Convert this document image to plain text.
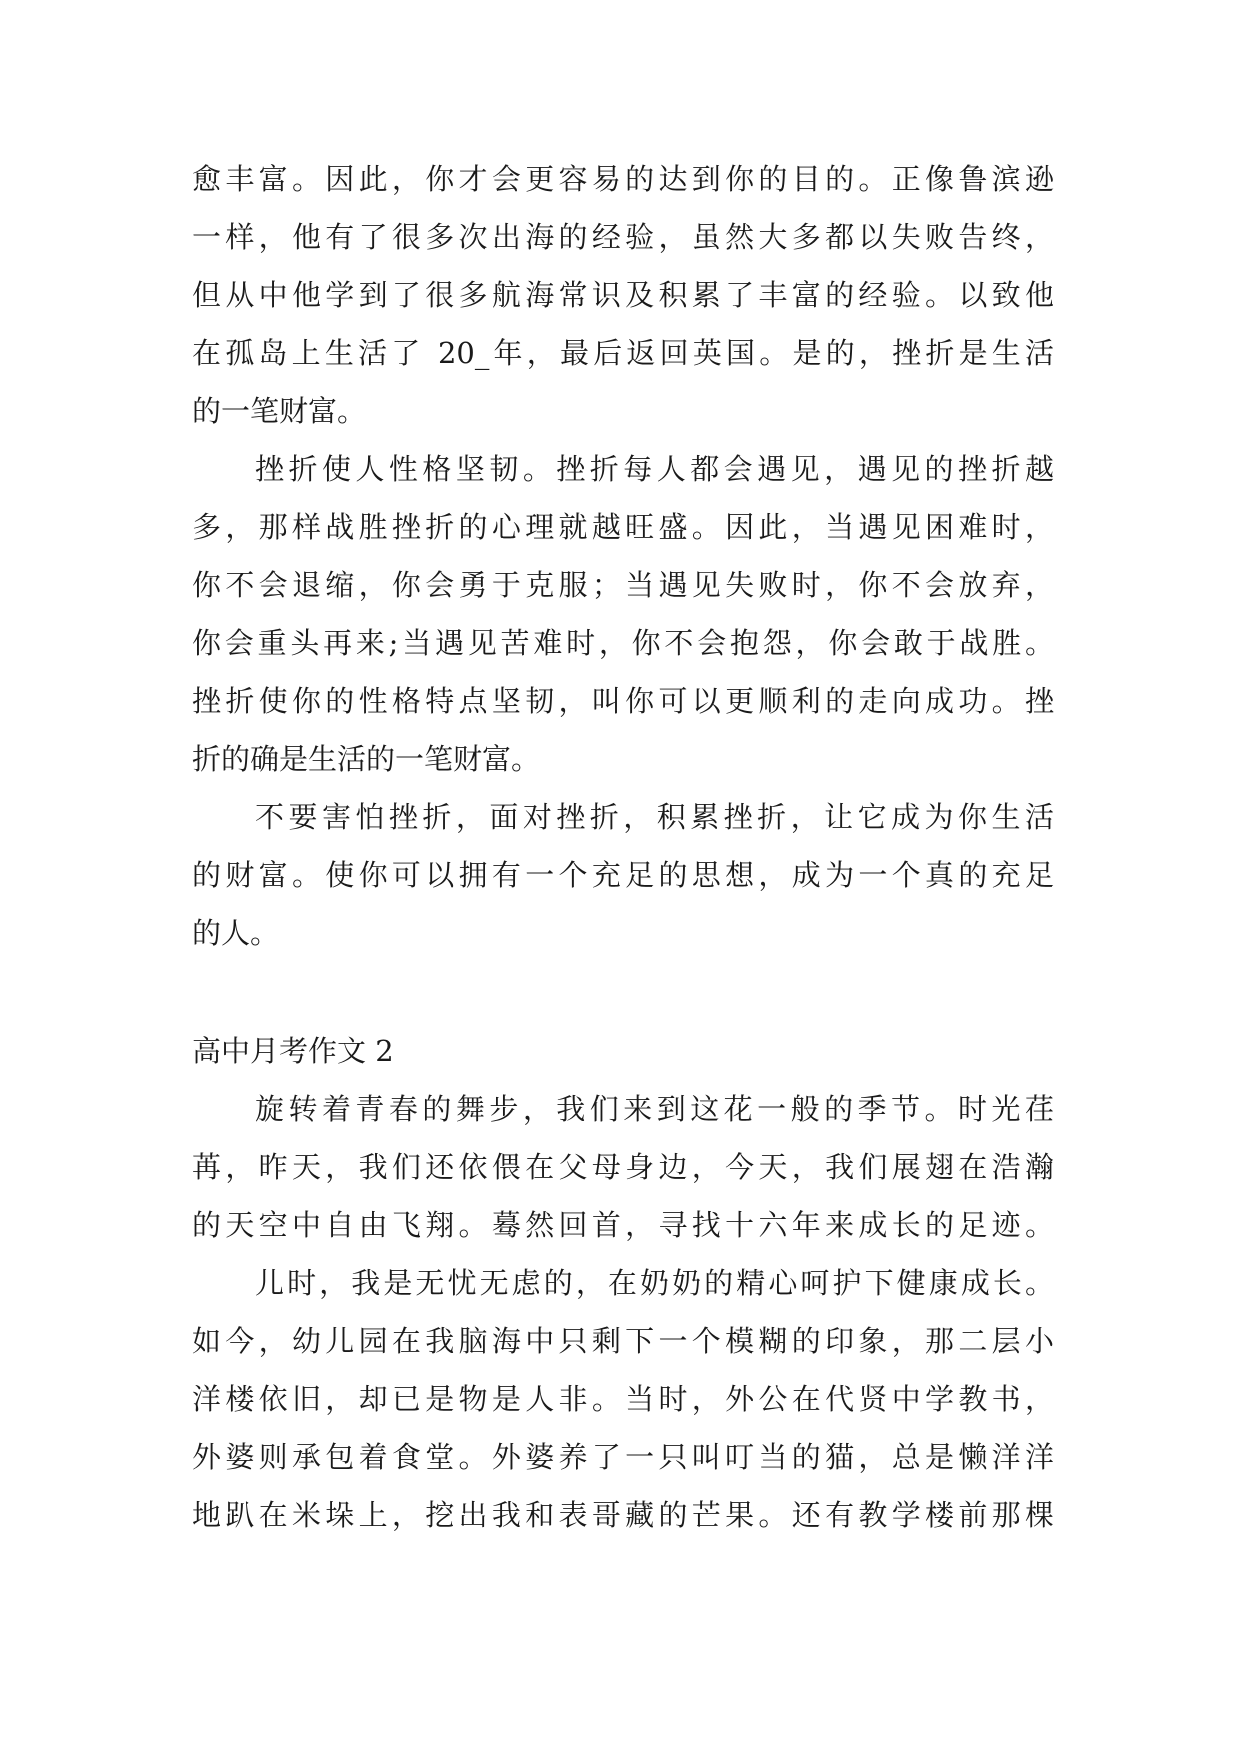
愈丰富。因此，你才会更容易的达到你的目的。正像鲁滨逊
一样，他有了很多次出海的经验，虽然大多都以失败告终，
但从中他学到了很多航海常识及积累了丰富的经验。以致他
在孤岛上生活了 20_年，最后返回英国。是的，挫折是生活
的一笔财富。
挫折使人性格坚韧。挫折每人都会遇见，遇见的挫折越
多，那样战胜挫折的心理就越旺盛。因此，当遇见困难时，
你不会退缩，你会勇于克服；当遇见失败时，你不会放弃，
你会重头再来;当遇见苦难时，你不会抱怨，你会敢于战胜。
挫折使你的性格特点坚韧，叫你可以更顺利的走向成功。挫
折的确是生活的一笔财富。
不要害怕挫折，面对挫折，积累挫折，让它成为你生活
的财富。使你可以拥有一个充足的思想，成为一个真的充足
的人。
高中月考作文 2
旋转着青春的舞步，我们来到这花一般的季节。时光荏
苒，昨天，我们还依偎在父母身边，今天，我们展翅在浩瀚
的天空中自由飞翔。蓦然回首，寻找十六年来成长的足迹。
儿时，我是无忧无虑的，在奶奶的精心呵护下健康成长。
如今，幼儿园在我脑海中只剩下一个模糊的印象，那二层小
洋楼依旧，却已是物是人非。当时，外公在代贤中学教书，
外婆则承包着食堂。外婆养了一只叫叮当的猫，总是懒洋洋
地趴在米垛上，挖出我和表哥藏的芒果。还有教学楼前那棵
